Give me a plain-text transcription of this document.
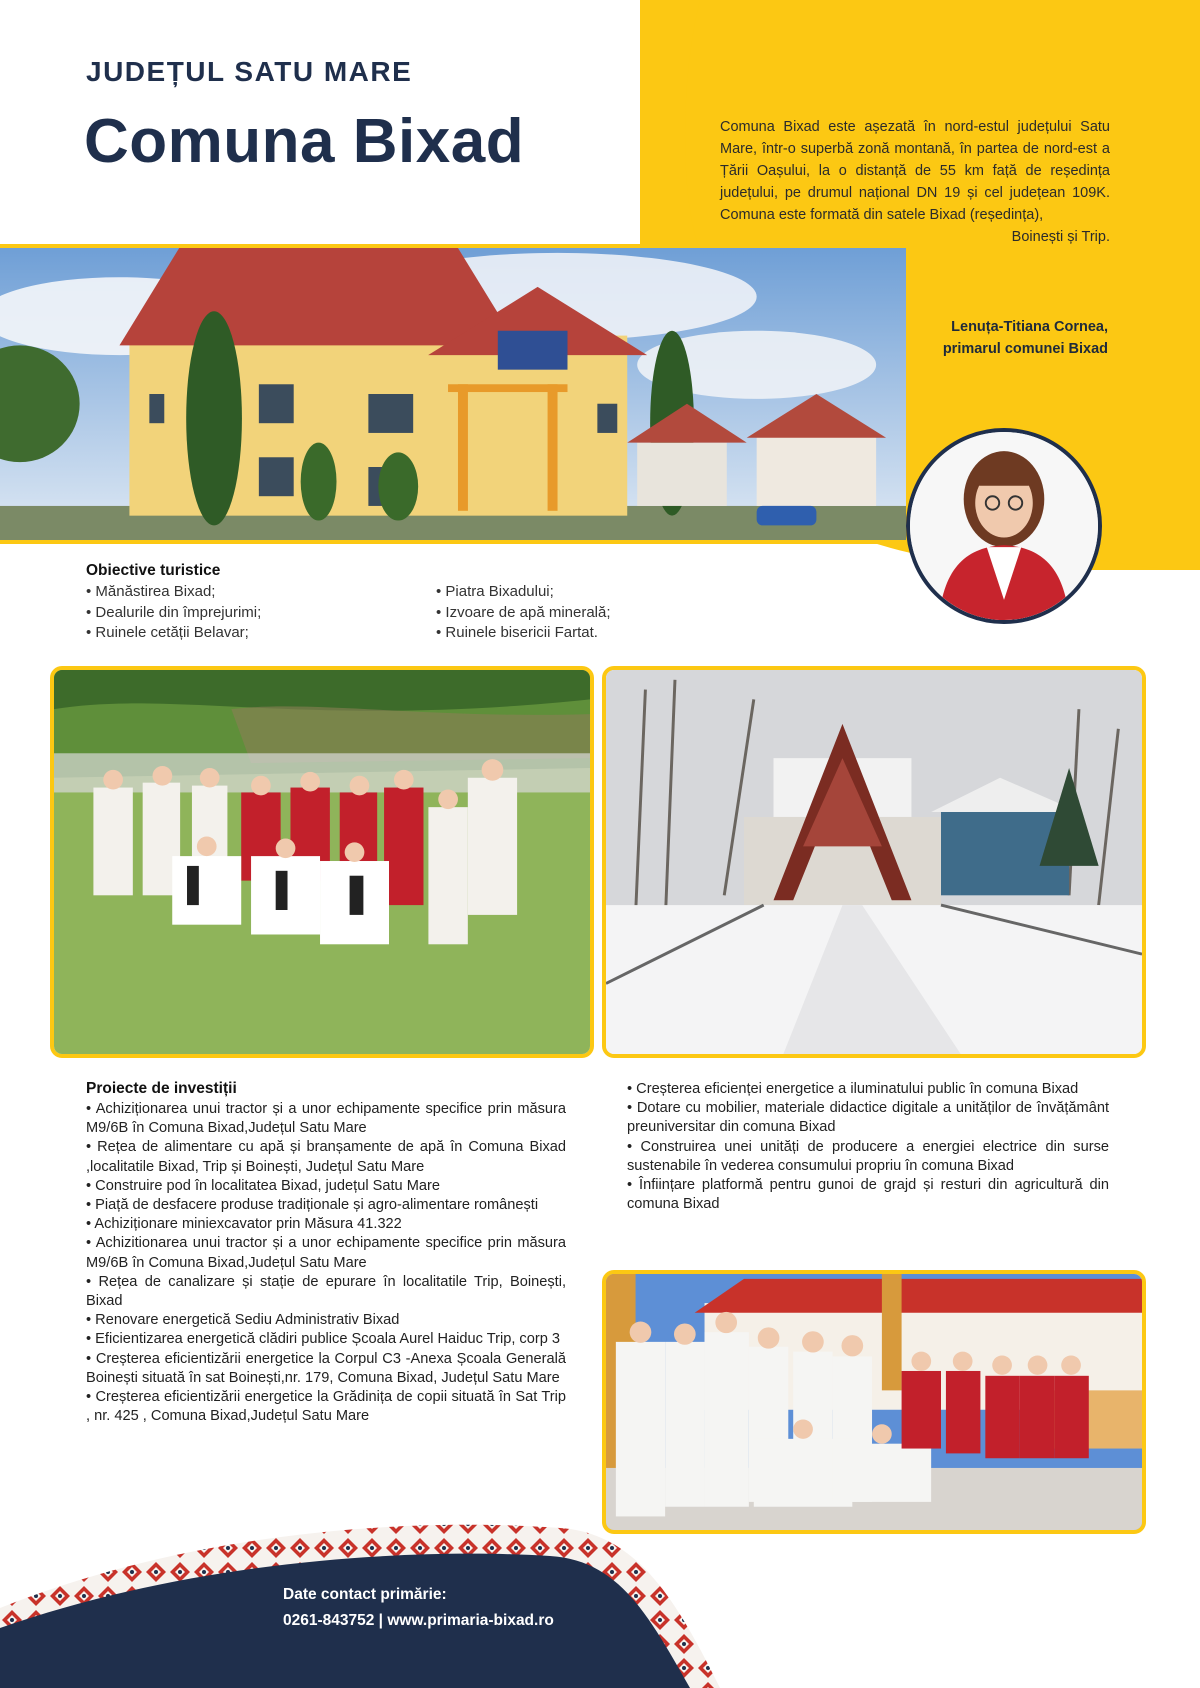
JUDEȚUL SATU MARE
Comuna Bixad	Comuna Bixad este așezată în nord-estul județului Satu Mare, într-o superbă zonă montană, în partea de nord-est a Țării Oașului, la o distanță de 55 km față de reședința județului, pe drumul național DN 19 și cel județean 109K. Comuna este formată din satele Bixad (reședința),
Boinești și Trip.
Lenuța-Titiana Cornea,
primarul comunei Bixad
Obiective turistice
• Mănăstirea Bixad;	• Piatra Bixadului;
• Dealurile din împrejurimi;	• Izvoare de apă minerală;
• Ruinele cetății Belavar;	• Ruinele bisericii Fartat.
Proiecte de investiții
• Achiziționarea unui tractor și a unor echipamente specifice prin măsura M9/6B în Comuna Bixad,Județul Satu Mare
• Rețea de alimentare cu apă și branșamente de apă în Comuna Bixad ,localitatile Bixad, Trip și Boinești, Județul Satu Mare
• Construire pod în localitatea Bixad, județul Satu Mare
• Piață de desfacere produse tradiționale și agro-alimentare românești
• Achiziționare miniexcavator prin Măsura 41.322
• Achizitionarea unui tractor și a unor echipamente specifice prin măsura M9/6B în Comuna Bixad,Județul Satu Mare
• Rețea de canalizare și stație de epurare în localitatile Trip, Boinești, Bixad
• Renovare energetică Sediu Administrativ Bixad
• Eficientizarea energetică clădiri publice Școala Aurel Haiduc Trip, corp 3
• Creșterea eficientizării energetice la Corpul C3 -Anexa Școala Generală Boinești situată în sat Boinești,nr. 179, Comuna Bixad, Județul Satu Mare
• Creșterea eficientizării energetice la Grădinița de copii situată în Sat Trip , nr. 425 , Comuna Bixad,Județul Satu Mare
• Creșterea eficienței energetice a iluminatului public în comuna Bixad
• Dotare cu mobilier, materiale didactice digitale a unităților de învățământ preuniversitar din comuna Bixad
• Construirea unei unități de producere a energiei electrice din surse sustenabile în vederea consumului propriu în comuna Bixad
• Înființare platformă pentru gunoi de grajd și resturi din agricultură din comuna Bixad
Date contact primărie:
0261-843752 | www.primaria-bixad.ro
